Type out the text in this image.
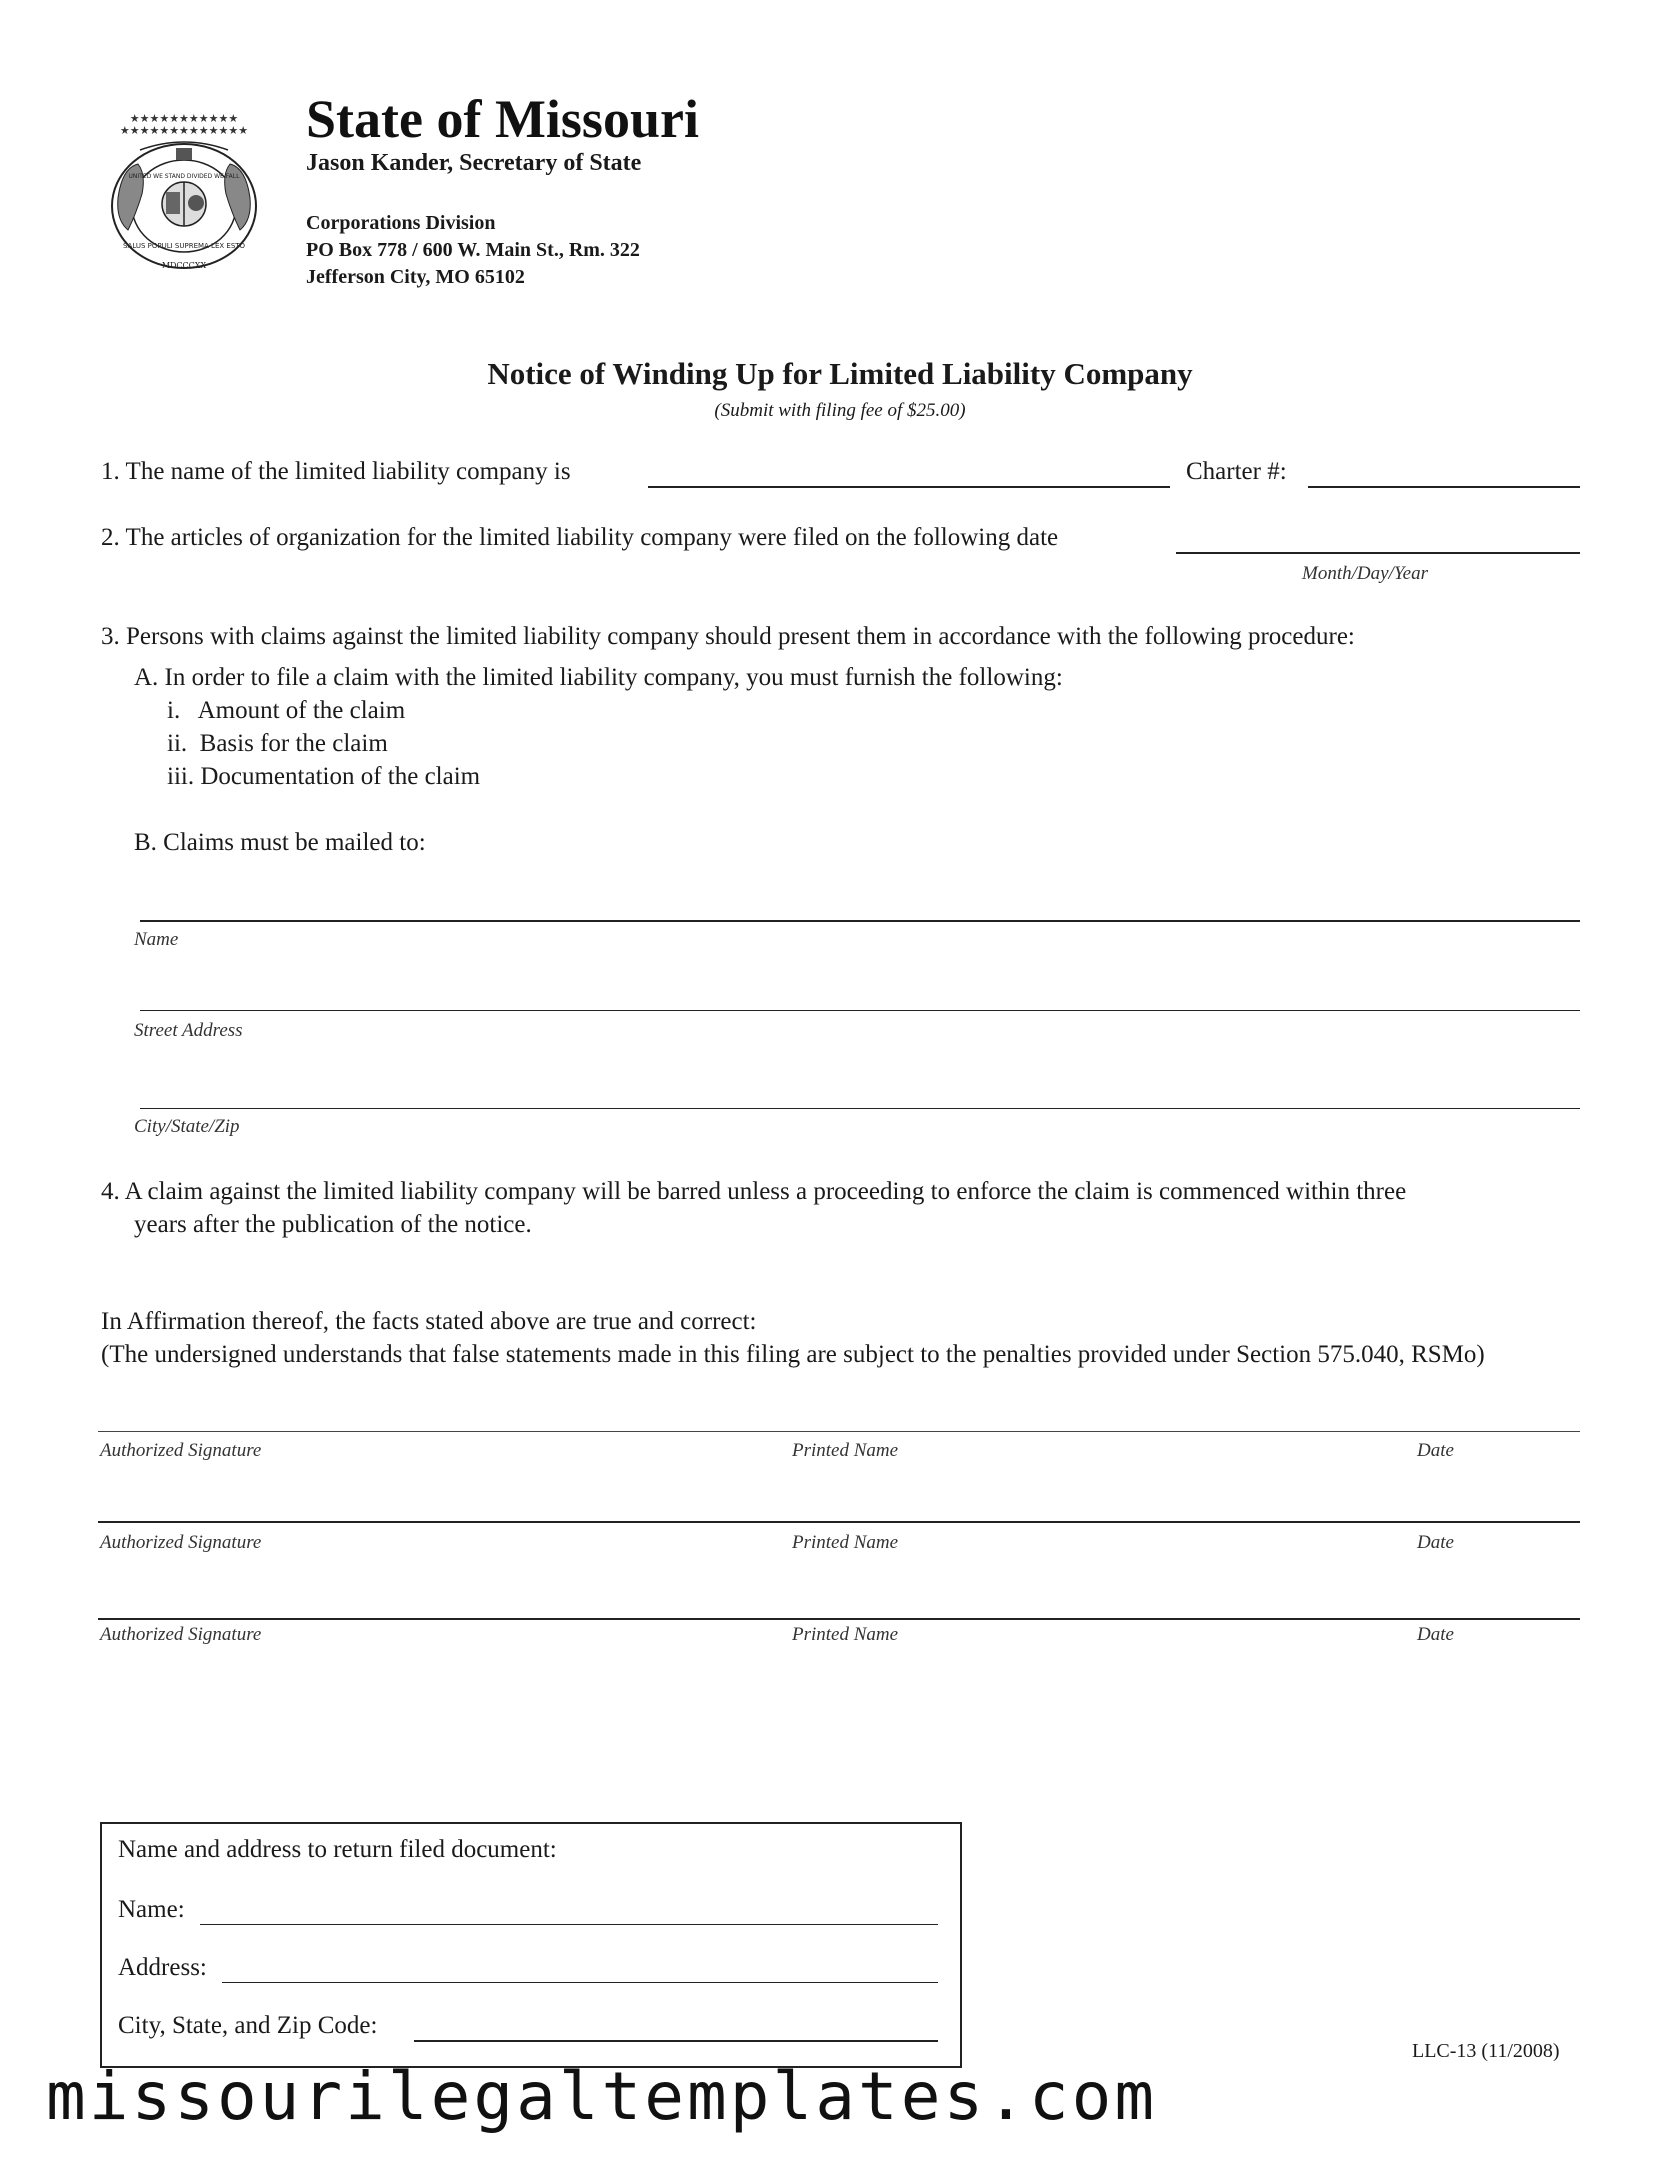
★★★★★★★★★★★
★★★★★★★★★★★★★
SALUS POPULI SUPREMA LEX ESTO
MDCCCXX
UNITED WE STAND DIVIDED WE FALL
State of Missouri
Jason Kander, Secretary of State
Corporations Division
PO Box 778 / 600 W. Main St., Rm. 322
Jefferson City, MO 65102
Notice of Winding Up for Limited Liability Company
(Submit with filing fee of $25.00)
1. The name of the limited liability company is	Charter #:
2. The articles of organization for the limited liability company were filed on the following date
Month/Day/Year
3. Persons with claims against the limited liability company should present them in accordance with the following procedure:
A. In order to file a claim with the limited liability company, you must furnish the following:
i.   Amount of the claim
ii.  Basis for the claim
iii. Documentation of the claim
B. Claims must be mailed to:
Name
Street Address
City/State/Zip
4. A claim against the limited liability company will be barred unless a proceeding to enforce the claim is commenced within three
years after the publication of the notice.
In Affirmation thereof, the facts stated above are true and correct:
(The undersigned understands that false statements made in this filing are subject to the penalties provided under Section 575.040, RSMo)
Authorized Signature	Printed Name	Date
Authorized Signature	Printed Name	Date
Authorized Signature	Printed Name	Date
Name and address to return filed document:
Name:
Address:
City, State, and Zip Code:
LLC-13 (11/2008)
missourilegaltemplates.com
